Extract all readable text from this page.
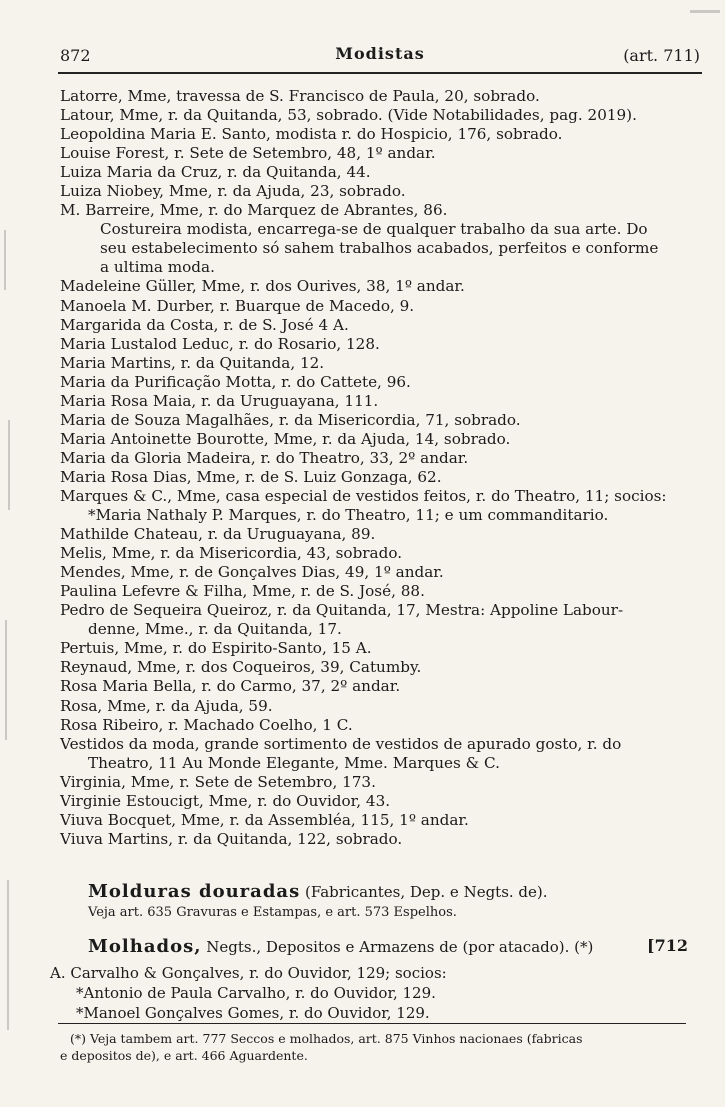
872	Modistas	(art. 711)
Latorre, Mme, travessa de S. Francisco de Paula, 20, sobrado.
Latour, Mme, r. da Quitanda, 53, sobrado. (Vide Notabilidades, pag. 2019).
Leopoldina Maria E. Santo, modista r. do Hospicio, 176, sobrado.
Louise Forest, r. Sete de Setembro, 48, 1º andar.
Luiza Maria da Cruz, r. da Quitanda, 44.
Luiza Niobey, Mme, r. da Ajuda, 23, sobrado.
M. Barreire, Mme, r. do Marquez de Abrantes, 86.
Costureira modista, encarrega-se de qualquer trabalho da sua arte. Do
seu estabelecimento só sahem trabalhos acabados, perfeitos e conforme
a ultima moda.
Madeleine Güller, Mme, r. dos Ourives, 38, 1º andar.
Manoela M. Durber, r. Buarque de Macedo, 9.
Margarida da Costa, r. de S. José 4 A.
Maria Lustalod Leduc, r. do Rosario, 128.
Maria Martins, r. da Quitanda, 12.
Maria da Purificação Motta, r. do Cattete, 96.
Maria Rosa Maia, r. da Uruguayana, 111.
Maria de Souza Magalhães, r. da Misericordia, 71, sobrado.
Maria Antoinette Bourotte, Mme, r. da Ajuda, 14, sobrado.
Maria da Gloria Madeira, r. do Theatro, 33, 2º andar.
Maria Rosa Dias, Mme, r. de S. Luiz Gonzaga, 62.
Marques & C., Mme, casa especial de vestidos feitos, r. do Theatro, 11; socios:
*Maria Nathaly P. Marques, r. do Theatro, 11; e um commanditario.
Mathilde Chateau, r. da Uruguayana, 89.
Melis, Mme, r. da Misericordia, 43, sobrado.
Mendes, Mme, r. de Gonçalves Dias, 49, 1º andar.
Paulina Lefevre & Filha, Mme, r. de S. José, 88.
Pedro de Sequeira Queiroz, r. da Quitanda, 17, Mestra: Appoline Labour-
denne, Mme., r. da Quitanda, 17.
Pertuis, Mme, r. do Espirito-Santo, 15 A.
Reynaud, Mme, r. dos Coqueiros, 39, Catumby.
Rosa Maria Bella, r. do Carmo, 37, 2º andar.
Rosa, Mme, r. da Ajuda, 59.
Rosa Ribeiro, r. Machado Coelho, 1 C.
Vestidos da moda, grande sortimento de vestidos de apurado gosto, r. do
Theatro, 11 Au Monde Elegante, Mme. Marques & C.
Virginia, Mme, r. Sete de Setembro, 173.
Virginie Estoucigt, Mme, r. do Ouvidor, 43.
Viuva Bocquet, Mme, r. da Assembléa, 115, 1º andar.
Viuva Martins, r. da Quitanda, 122, sobrado.
Molduras douradas (Fabricantes, Dep. e Negts. de).
Veja art. 635 Gravuras e Estampas, e art. 573 Espelhos.
Molhados, Negts., Depositos e Armazens de (por atacado). (*)	[712
A. Carvalho & Gonçalves, r. do Ouvidor, 129; socios:
*Antonio de Paula Carvalho, r. do Ouvidor, 129.
*Manoel Gonçalves Gomes, r. do Ouvidor, 129.
(*) Veja tambem art. 777 Seccos e molhados, art. 875 Vinhos nacionaes (fabricas
e depositos de), e art. 466 Aguardente.
